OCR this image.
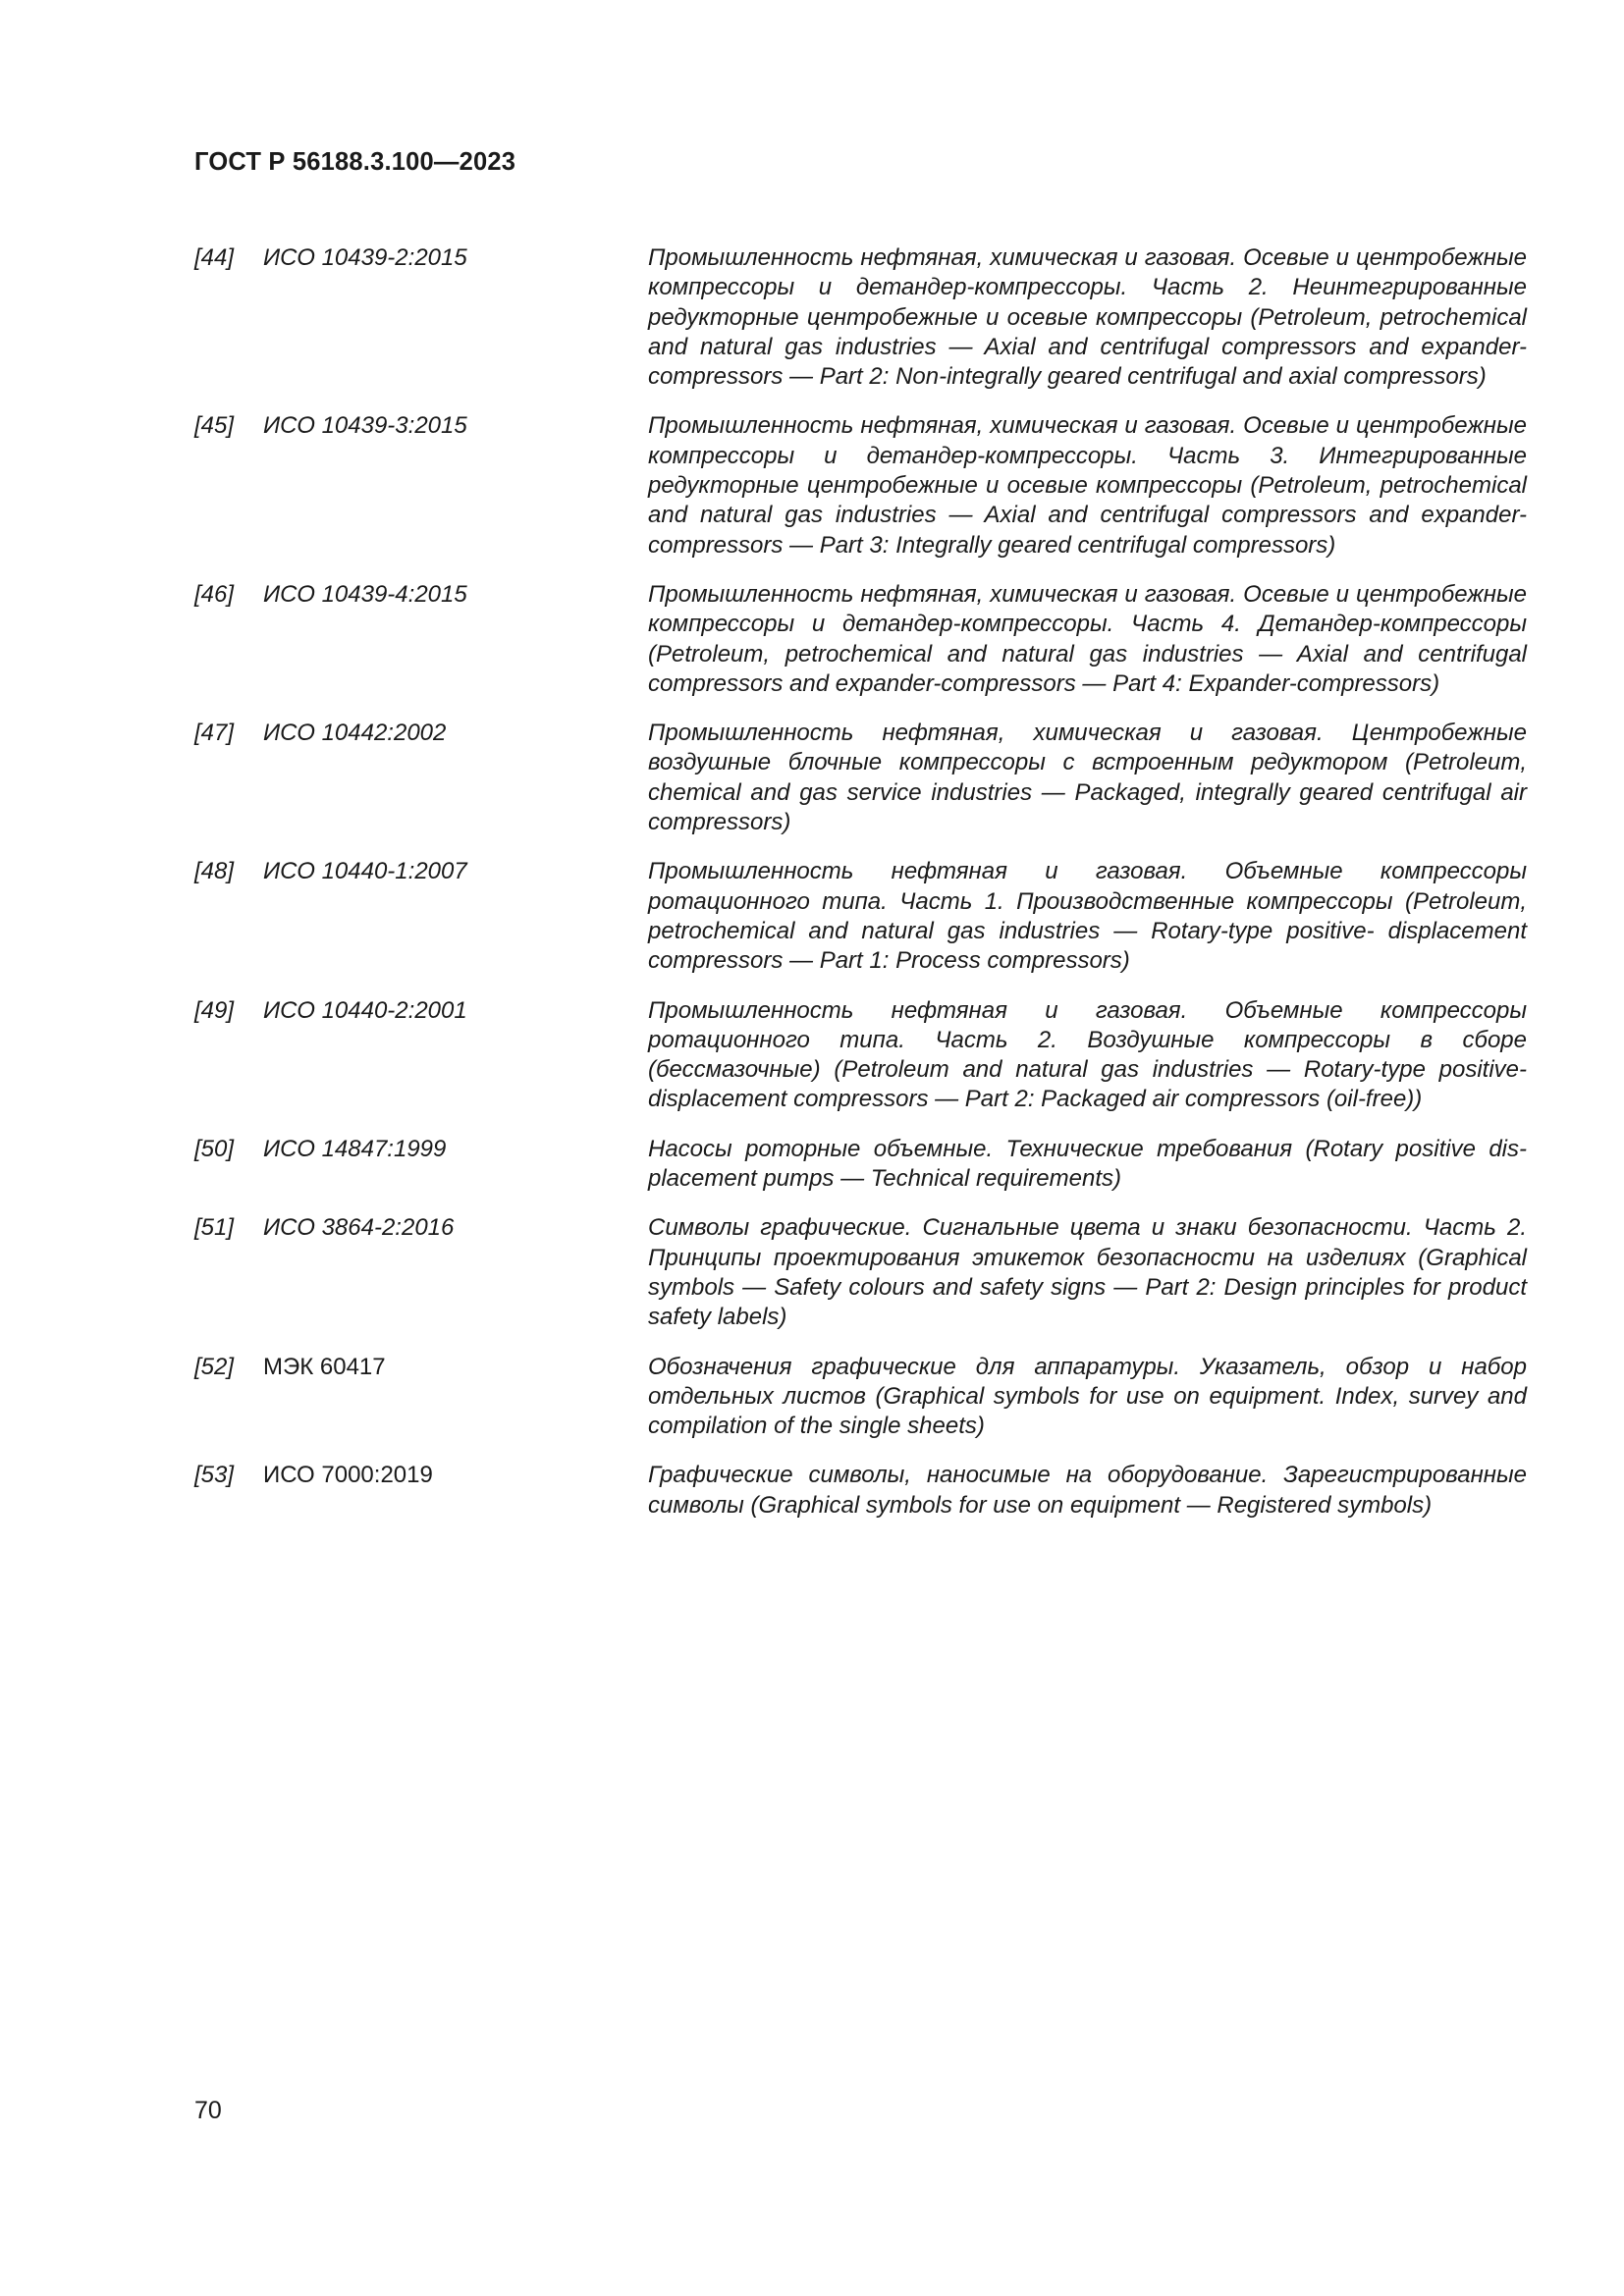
ГОСТ Р 56188.3.100—2023
[44]	ИСО 10439-2:2015	Промышленность нефтяная, химическая и газовая. Осевые и центробежные компрессоры и детандер-компрессоры. Часть 2. Неинтегрированные редукторные центробежные и осевые компрессоры (Petroleum, petrochemical and natural gas industries — Axial and centrifugal compressors and expander-compressors — Part 2: Non-integrally geared centrifugal and axial compressors)
[45]	ИСО 10439-3:2015	Промышленность нефтяная, химическая и газовая. Осевые и центробежные компрессоры и детандер-компрессоры. Часть 3. Интегрированные редукторные центробежные и осевые компрессоры (Petroleum, petrochemical and natural gas industries — Axial and centrifugal compressors and expander-compressors — Part 3: Integrally geared centrifugal compressors)
[46]	ИСО 10439-4:2015	Промышленность нефтяная, химическая и газовая. Осевые и центробежные компрессоры и детандер-компрессоры. Часть 4. Детандер-компрессоры (Petroleum, petrochemical and natural gas industries — Axial and centrifugal compressors and expander-compressors — Part 4: Expander-compressors)
[47]	ИСО 10442:2002	Промышленность нефтяная, химическая и газовая. Центробежные воздушные блочные компрессоры с встроенным редуктором (Petroleum, chemical and gas service industries — Packaged, integrally geared centrifugal air compressors)
[48]	ИСО 10440-1:2007	Промышленность нефтяная и газовая. Объемные компрессоры ротационного типа. Часть 1. Производственные компрессоры (Petroleum, petrochemical and natural gas industries — Rotary-type positive- displacement compressors — Part 1: Process compressors)
[49]	ИСО 10440-2:2001	Промышленность нефтяная и газовая. Объемные компрессоры ротационного типа. Часть 2. Воздушные компрессоры в сборе (бессмазочные) (Petroleum and natural gas industries — Rotary-type positive-displacement compressors — Part 2: Packaged air compressors (oil-free))
[50]	ИСО 14847:1999	Насосы роторные объемные. Технические требования (Rotary positive displacement pumps — Technical requirements)
[51]	ИСО 3864-2:2016	Символы графические. Сигнальные цвета и знаки безопасности. Часть 2. Принципы проектирования этикеток безопасности на изделиях (Graphical symbols — Safety colours and safety signs — Part 2: Design principles for product safety labels)
[52]	МЭК 60417	Обозначения графические для аппаратуры. Указатель, обзор и набор отдельных листов (Graphical symbols for use on equipment. Index, survey and compilation of the single sheets)
[53]	ИСО 7000:2019	Графические символы, наносимые на оборудование. Зарегистрированные символы (Graphical symbols for use on equipment — Registered symbols)
70
